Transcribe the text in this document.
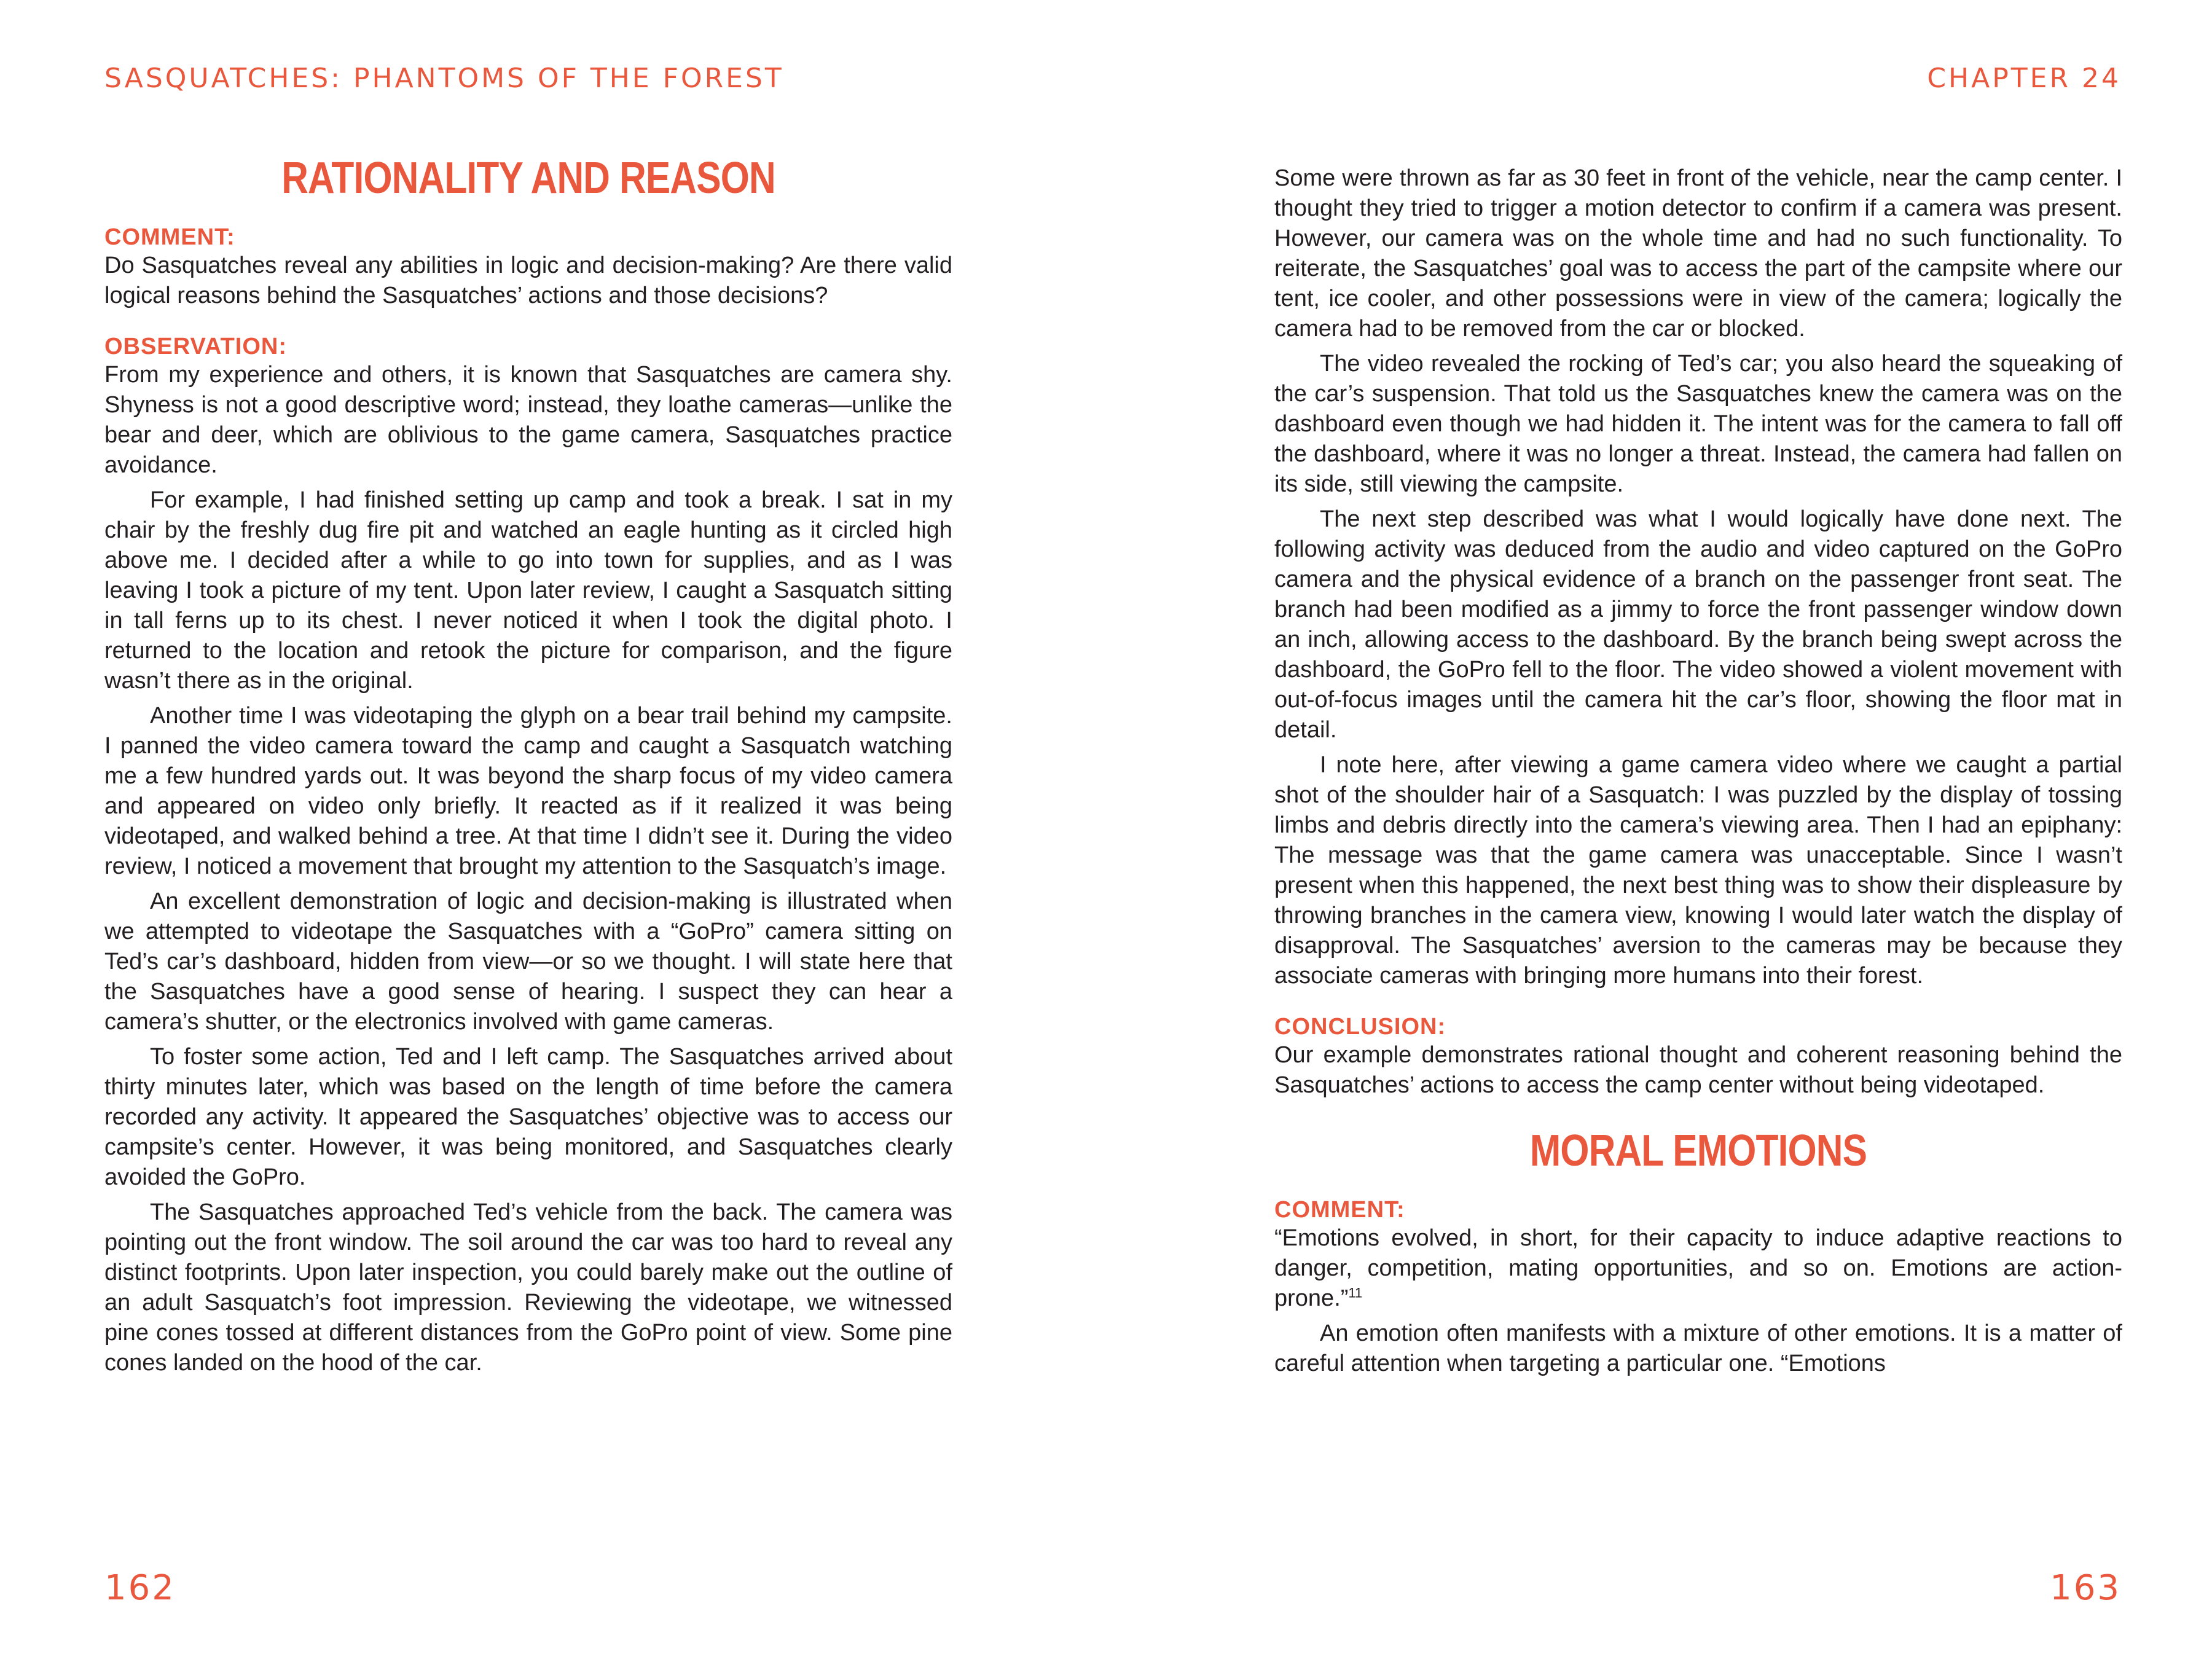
SASQUATCHES: PHANTOMS OF THE FOREST	CHAPTER 24
RATIONALITY AND REASON
COMMENT:

Do Sasquatches reveal any abilities in logic and decision-making? Are there valid logical reasons behind the Sasquatches’ actions and those decisions?

OBSERVATION:

From my experience and others, it is known that Sasquatches are camera shy. Shyness is not a good descriptive word; instead, they loathe cameras—unlike the bear and deer, which are oblivious to the game camera, Sasquatches practice avoidance.

For example, I had finished setting up camp and took a break. I sat in my chair by the freshly dug fire pit and watched an eagle hunting as it circled high above me. I decided after a while to go into town for supplies, and as I was leaving I took a picture of my tent. Upon later review, I caught a Sasquatch sitting in tall ferns up to its chest. I never noticed it when I took the digital photo. I returned to the location and retook the picture for comparison, and the figure wasn’t there as in the original.

Another time I was videotaping the glyph on a bear trail behind my campsite. I panned the video camera toward the camp and caught a Sasquatch watching me a few hundred yards out. It was beyond the sharp focus of my video camera and appeared on video only briefly. It reacted as if it realized it was being videotaped, and walked behind a tree. At that time I didn’t see it. During the video review, I noticed a movement that brought my attention to the Sasquatch’s image.

An excellent demonstration of logic and decision-making is illustrated when we attempted to videotape the Sasquatches with a “GoPro” camera sitting on Ted’s car’s dashboard, hidden from view—or so we thought. I will state here that the Sasquatches have a good sense of hearing. I suspect they can hear a camera’s shutter, or the electronics involved with game cameras.

To foster some action, Ted and I left camp. The Sasquatches arrived about thirty minutes later, which was based on the length of time before the camera recorded any activity. It appeared the Sasquatches’ objective was to access our campsite’s center. However, it was being monitored, and Sasquatches clearly avoided the GoPro.

The Sasquatches approached Ted’s vehicle from the back. The camera was pointing out the front window. The soil around the car was too hard to reveal any distinct footprints. Upon later inspection, you could barely make out the outline of an adult Sasquatch’s foot impression. Reviewing the videotape, we witnessed pine cones tossed at different distances from the GoPro point of view. Some pine cones landed on the hood of the car.

Some were thrown as far as 30 feet in front of the vehicle, near the camp center. I thought they tried to trigger a motion detector to confirm if a camera was present. However, our camera was on the whole time and had no such functionality. To reiterate, the Sasquatches’ goal was to access the part of the campsite where our tent, ice cooler, and other possessions were in view of the camera; logically the camera had to be removed from the car or blocked.

The video revealed the rocking of Ted’s car; you also heard the squeaking of the car’s suspension. That told us the Sasquatches knew the camera was on the dashboard even though we had hidden it. The intent was for the camera to fall off the dashboard, where it was no longer a threat. Instead, the camera had fallen on its side, still viewing the campsite.

The next step described was what I would logically have done next. The following activity was deduced from the audio and video captured on the GoPro camera and the physical evidence of a branch on the passenger front seat. The branch had been modified as a jimmy to force the front passenger window down an inch, allowing access to the dashboard. By the branch being swept across the dashboard, the GoPro fell to the floor. The video showed a violent movement with out-of-focus images until the camera hit the car’s floor, showing the floor mat in detail.

I note here, after viewing a game camera video where we caught a partial shot of the shoulder hair of a Sasquatch: I was puzzled by the display of tossing limbs and debris directly into the camera’s viewing area. Then I had an epiphany: The message was that the game camera was unacceptable. Since I wasn’t present when this happened, the next best thing was to show their displeasure by throwing branches in the camera view, knowing I would later watch the display of disapproval. The Sasquatches’ aversion to the cameras may be because they associate cameras with bringing more humans into their forest.

CONCLUSION:

Our example demonstrates rational thought and coherent reasoning behind the Sasquatches’ actions to access the camp center without being videotaped.

MORAL EMOTIONS
COMMENT:

“Emotions evolved, in short, for their capacity to induce adaptive reactions to danger, competition, mating opportunities, and so on. Emotions are action-prone.”$^{11}$

An emotion often manifests with a mixture of other emotions. It is a matter of careful attention when targeting a particular one. “Emotions

162	163
